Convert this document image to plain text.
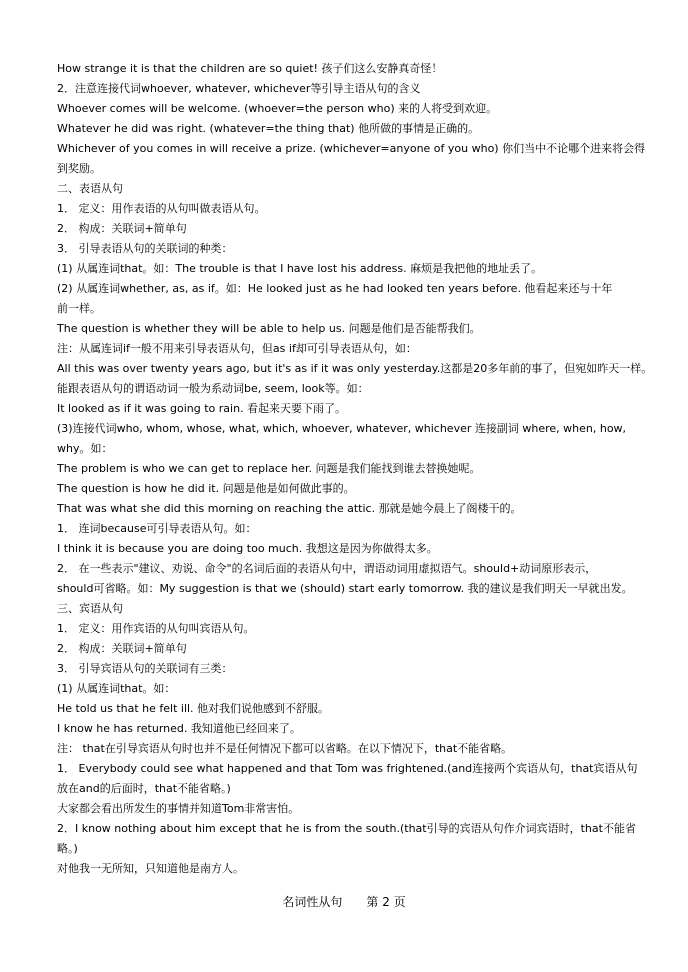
How strange it is that the children are so quiet! 孩子们这么安静真奇怪！
2．注意连接代词whoever, whatever, whichever等引导主语从句的含义
Whoever comes will be welcome. (whoever=the person who) 来的人将受到欢迎。
Whatever he did was right. (whatever=the thing that) 他所做的事情是正确的。
Whichever of you comes in will receive a prize. (whichever=anyone of you who) 你们当中不论哪个进来将会得
到奖励。
二、表语从句
1． 定义：用作表语的从句叫做表语从句。
2． 构成：关联词+简单句
3． 引导表语从句的关联词的种类：
(1) 从属连词that。如：The trouble is that I have lost his address. 麻烦是我把他的地址丢了。
(2) 从属连词whether, as, as if。如：He looked just as he had looked ten years before. 他看起来还与十年
前一样。
The question is whether they will be able to help us. 问题是他们是否能帮我们。
注：从属连词if一般不用来引导表语从句，但as if却可引导表语从句，如：
All this was over twenty years ago, but it's as if it was only yesterday.这都是20多年前的事了，但宛如昨天一样。
能跟表语从句的谓语动词一般为系动词be, seem, look等。如：
It looked as if it was going to rain. 看起来天要下雨了。
(3)连接代词who, whom, whose, what, which, whoever, whatever, whichever 连接副词 where, when, how,
why。如：
The problem is who we can get to replace her. 问题是我们能找到谁去替换她呢。
The question is how he did it. 问题是他是如何做此事的。
That was what she did this morning on reaching the attic. 那就是她今晨上了阁楼干的。
1． 连词because可引导表语从句。如：
I think it is because you are doing too much. 我想这是因为你做得太多。
2． 在一些表示"建议、劝说、命令"的名词后面的表语从句中，谓语动词用虚拟语气。should+动词原形表示，
should可省略。如：My suggestion is that we (should) start early tomorrow. 我的建议是我们明天一早就出发。
三、宾语从句
1． 定义：用作宾语的从句叫宾语从句。
2． 构成：关联词+简单句
3． 引导宾语从句的关联词有三类：
(1) 从属连词that。如：
He told us that he felt ill. 他对我们说他感到不舒服。
I know he has returned. 我知道他已经回来了。
注： that在引导宾语从句时也并不是任何情况下都可以省略。在以下情况下，that不能省略。
1． Everybody could see what happened and that Tom was frightened.(and连接两个宾语从句，that宾语从句
放在and的后面时，that不能省略。)
大家都会看出所发生的事情并知道Tom非常害怕。
2．I know nothing about him except that he is from the south.(that引导的宾语从句作介词宾语时，that不能省
略。)
对他我一无所知，只知道他是南方人。
名词性从句 第 2 页
